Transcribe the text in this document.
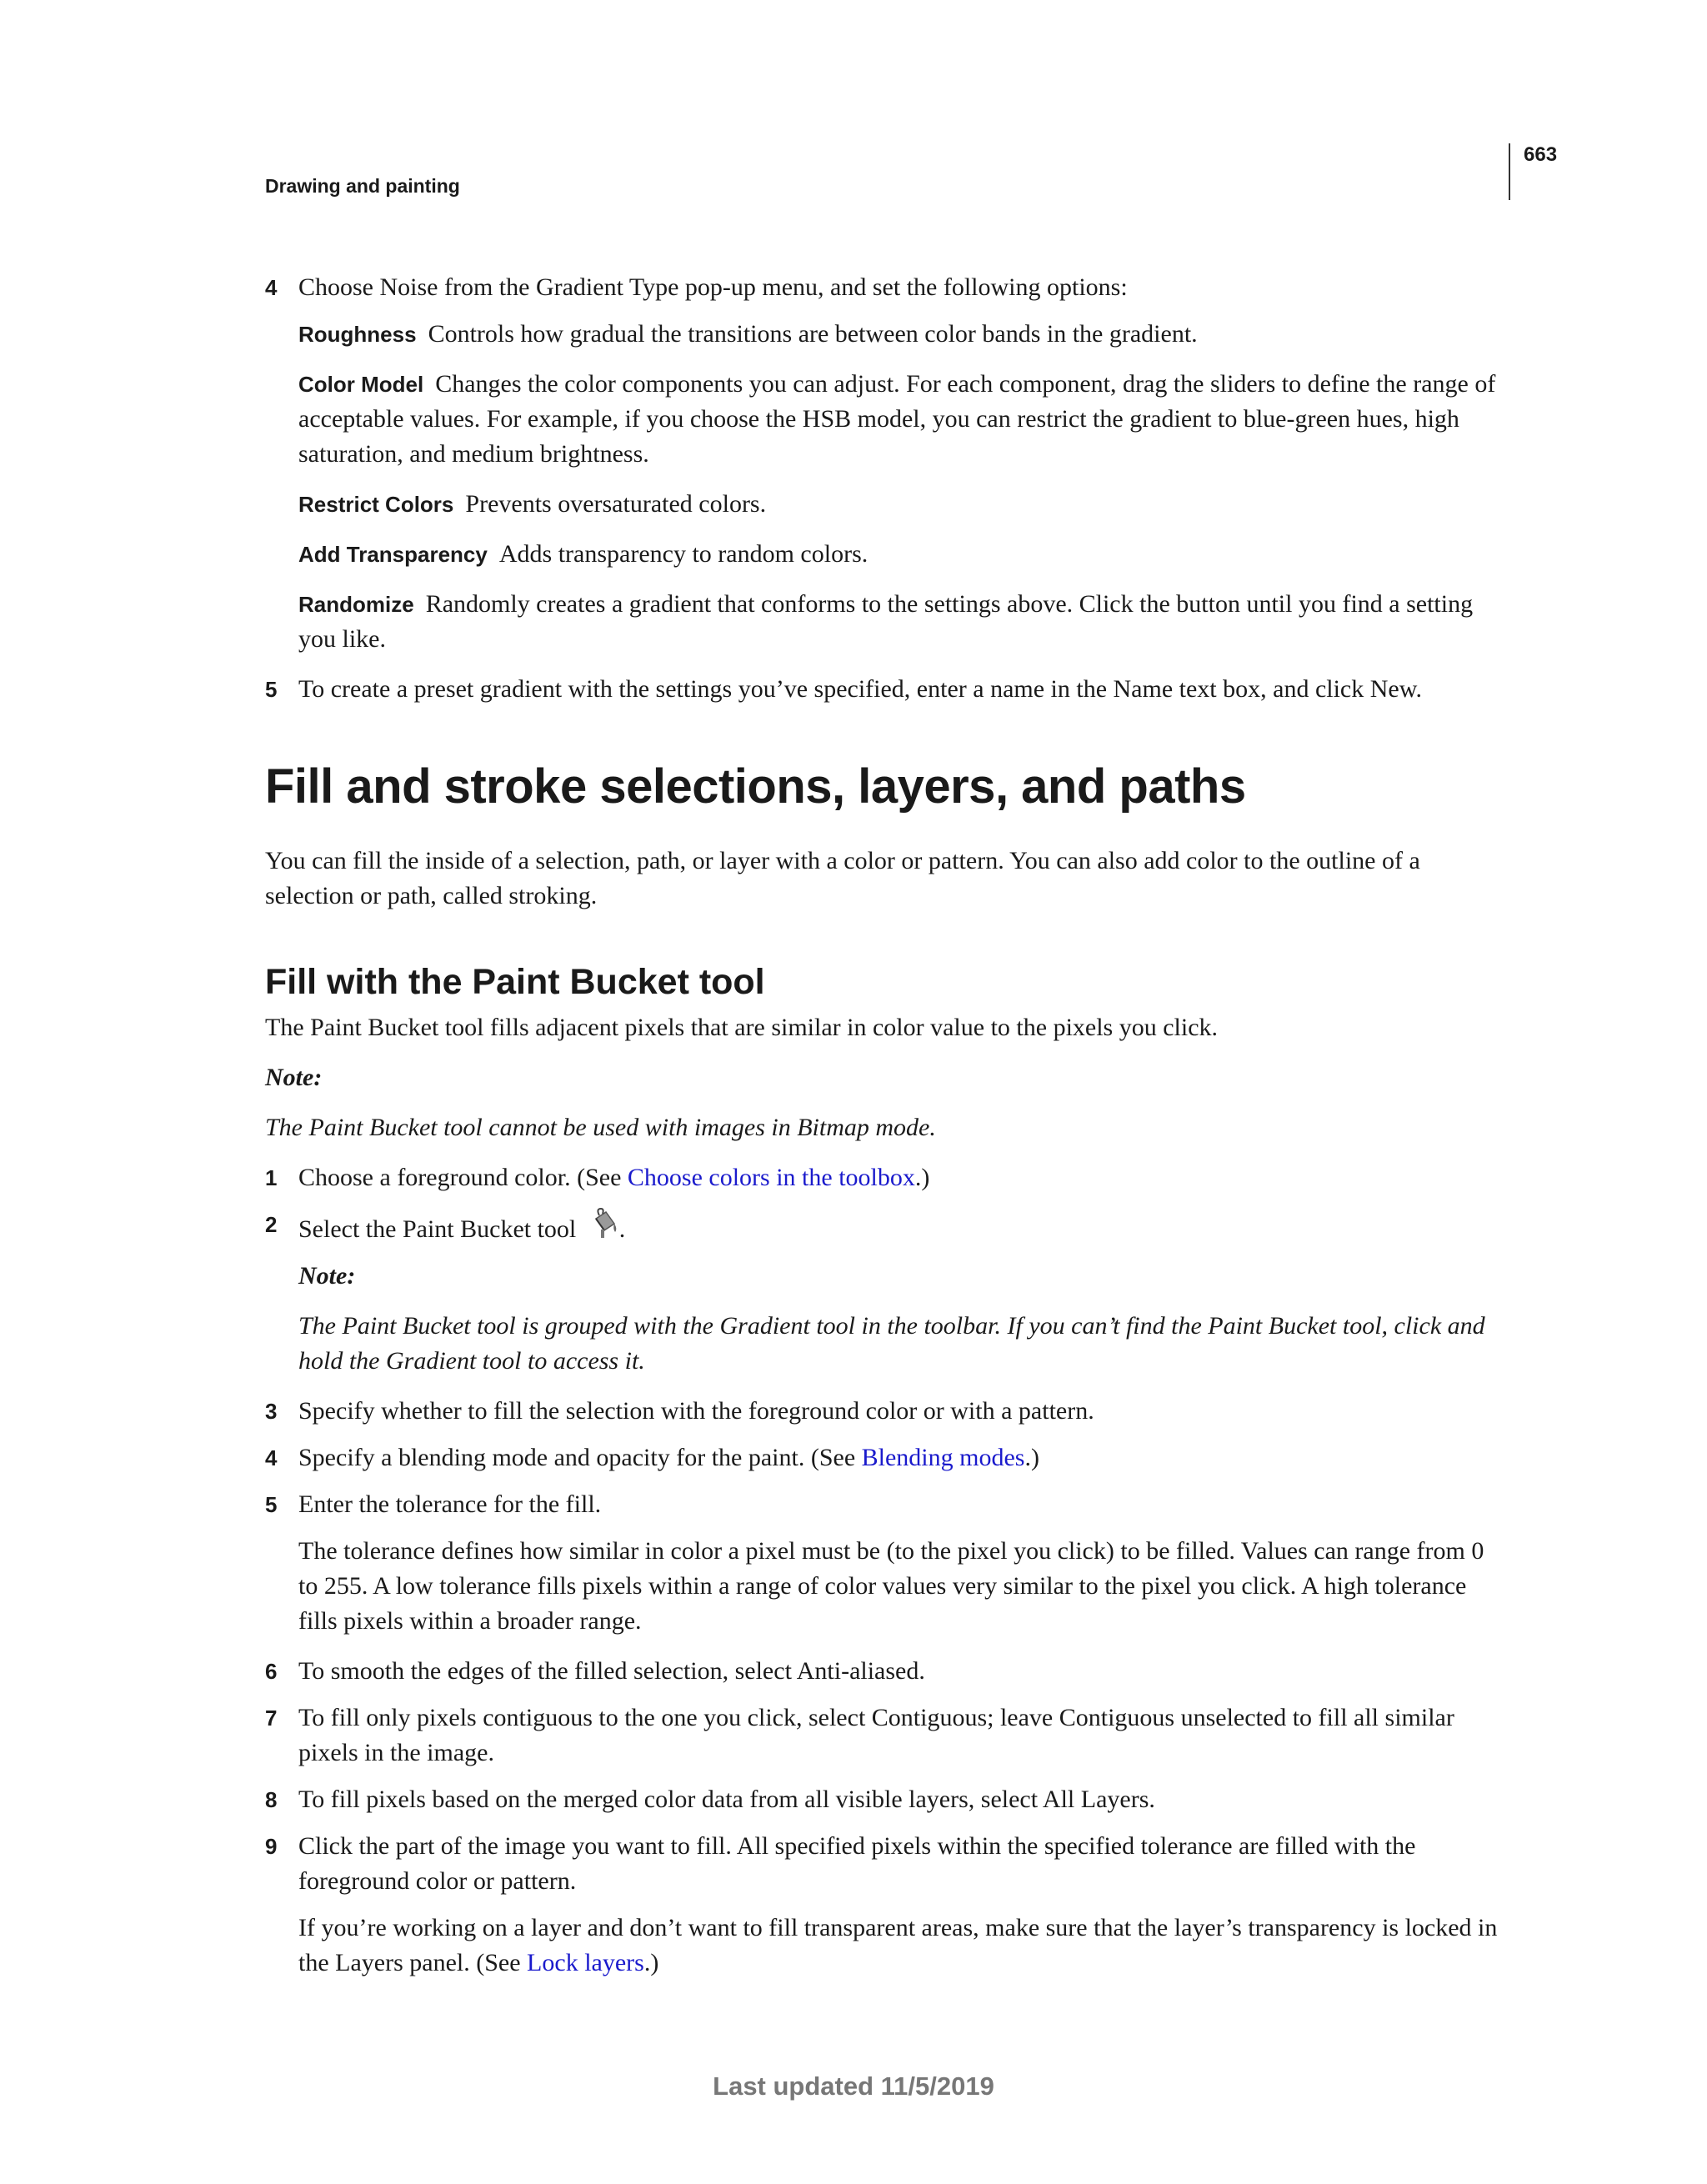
663
Drawing and painting
4 Choose Noise from the Gradient Type pop-up menu, and set the following options:
Roughness Controls how gradual the transitions are between color bands in the gradient.
Color Model Changes the color components you can adjust. For each component, drag the sliders to define the range of acceptable values. For example, if you choose the HSB model, you can restrict the gradient to blue-green hues, high saturation, and medium brightness.
Restrict Colors Prevents oversaturated colors.
Add Transparency Adds transparency to random colors.
Randomize Randomly creates a gradient that conforms to the settings above. Click the button until you find a setting you like.
5 To create a preset gradient with the settings you’ve specified, enter a name in the Name text box, and click New.
Fill and stroke selections, layers, and paths

You can fill the inside of a selection, path, or layer with a color or pattern. You can also add color to the outline of a selection or path, called stroking.

Fill with the Paint Bucket tool

The Paint Bucket tool fills adjacent pixels that are similar in color value to the pixels you click.

Note:

The Paint Bucket tool cannot be used with images in Bitmap mode.

1 Choose a foreground color. (See Choose colors in the toolbox.)
2 Select the Paint Bucket tool .

Note:

The Paint Bucket tool is grouped with the Gradient tool in the toolbar. If you can’t find the Paint Bucket tool, click and hold the Gradient tool to access it.

3 Specify whether to fill the selection with the foreground color or with a pattern.
4 Specify a blending mode and opacity for the paint. (See Blending modes.)
5 Enter the tolerance for the fill.

The tolerance defines how similar in color a pixel must be (to the pixel you click) to be filled. Values can range from 0 to 255. A low tolerance fills pixels within a range of color values very similar to the pixel you click. A high tolerance fills pixels within a broader range.

6 To smooth the edges of the filled selection, select Anti-aliased.
7 To fill only pixels contiguous to the one you click, select Contiguous; leave Contiguous unselected to fill all similar pixels in the image.
8 To fill pixels based on the merged color data from all visible layers, select All Layers.
9 Click the part of the image you want to fill. All specified pixels within the specified tolerance are filled with the foreground color or pattern.

If you’re working on a layer and don’t want to fill transparent areas, make sure that the layer’s transparency is locked in the Layers panel. (See Lock layers.)

Last updated 11/5/2019
